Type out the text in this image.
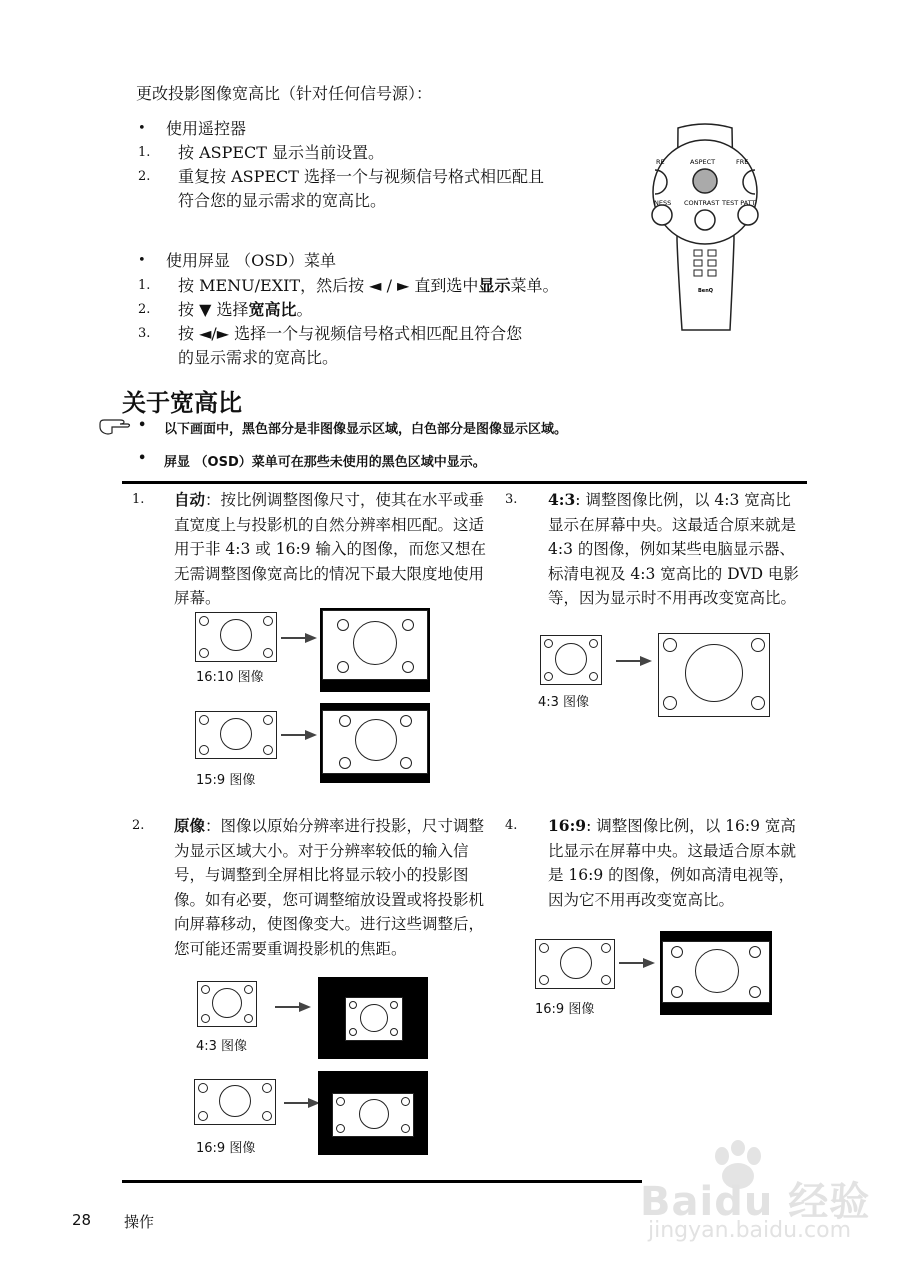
更改投影图像宽高比（针对任何信号源）：
• 使用遥控器
1. 按 ASPECT 显示当前设置。
2. 重复按 ASPECT 选择一个与视频信号格式相匹配且
符合您的显示需求的宽高比。
• 使用屏显 （OSD）菜单
1. 按 MENU/EXIT，然后按 ◄ / ► 直到选中显示菜单。
2. 按 ▼ 选择宽高比。
3. 按 ◄/► 选择一个与视频信号格式相匹配且符合您
的显示需求的宽高比。
RE	ASPECT	FRE
NESS CONTRAST TEST PATT
BenQ
关于宽高比
• 以下画面中，黑色部分是非图像显示区域，白色部分是图像显示区域。
• 屏显 （OSD）菜单可在那些未使用的黑色区域中显示。
1. 自动：按比例调整图像尺寸，使其在水平或垂直宽度上与投影机的自然分辨率相匹配。这适用于非 4:3 或 16:9 输入的图像，而您又想在无需调整图像宽高比的情况下最大限度地使用屏幕。
3. 4:3: 调整图像比例，以 4:3 宽高比显示在屏幕中央。这最适合原来就是 4:3 的图像，例如某些电脑显示器、标清电视及 4:3 宽高比的 DVD 电影等，因为显示时不用再改变宽高比。
2. 原像：图像以原始分辨率进行投影，尺寸调整为显示区域大小。对于分辨率较低的输入信号，与调整到全屏相比将显示较小的投影图像。如有必要，您可调整缩放设置或将投影机向屏幕移动，使图像变大。进行这些调整后，您可能还需要重调投影机的焦距。
4. 16:9: 调整图像比例，以 16:9 宽高比显示在屏幕中央。这最适合原本就是 16:9 的图像，例如高清电视等，因为它不用再改变宽高比。
16:10 图像
15:9 图像
4:3 图像
4:3 图像
16:9 图像
16:9 图像
28 操作	Baidu 经验
jingyan.baidu.com
